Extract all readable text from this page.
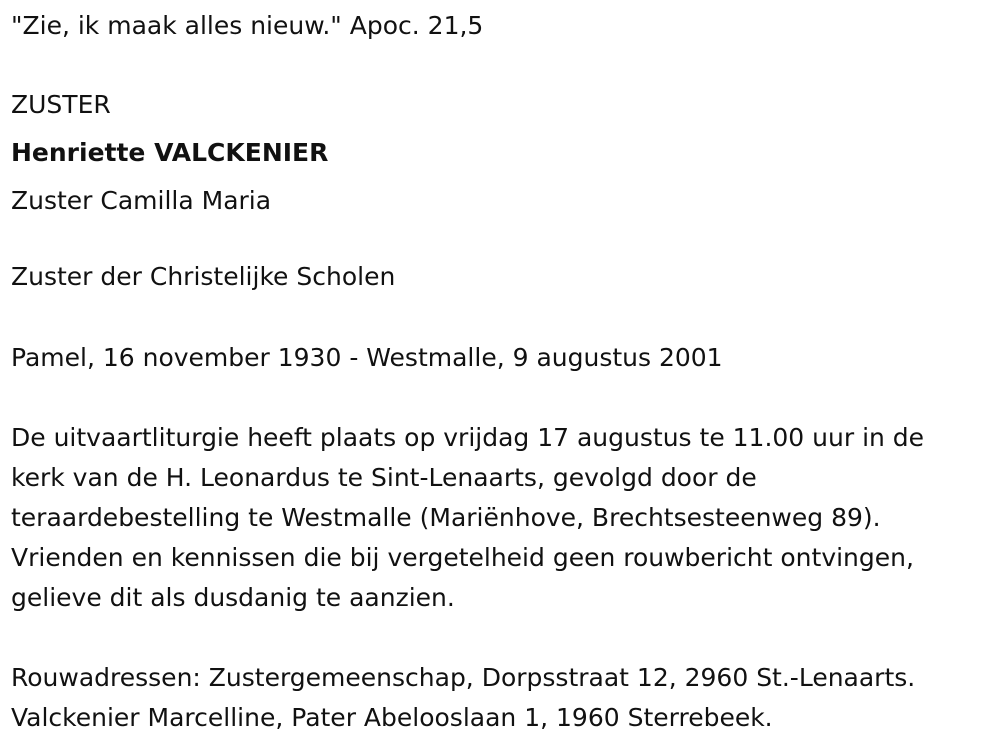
"Zie, ik maak alles nieuw." Apoc. 21,5

ZUSTER

Henriette VALCKENIER

Zuster Camilla Maria

Zuster der Christelijke Scholen

Pamel, 16 november 1930 - Westmalle, 9 augustus 2001

De uitvaartliturgie heeft plaats op vrijdag 17 augustus te 11.00 uur in de

kerk van de H. Leonardus te Sint-Lenaarts, gevolgd door de

teraardebestelling te Westmalle (Mariënhove, Brechtsesteenweg 89).

Vrienden en kennissen die bij vergetelheid geen rouwbericht ontvingen,

gelieve dit als dusdanig te aanzien.

Rouwadressen: Zustergemeenschap, Dorpsstraat 12, 2960 St.-Lenaarts.

Valckenier Marcelline, Pater Abelooslaan 1, 1960 Sterrebeek.
